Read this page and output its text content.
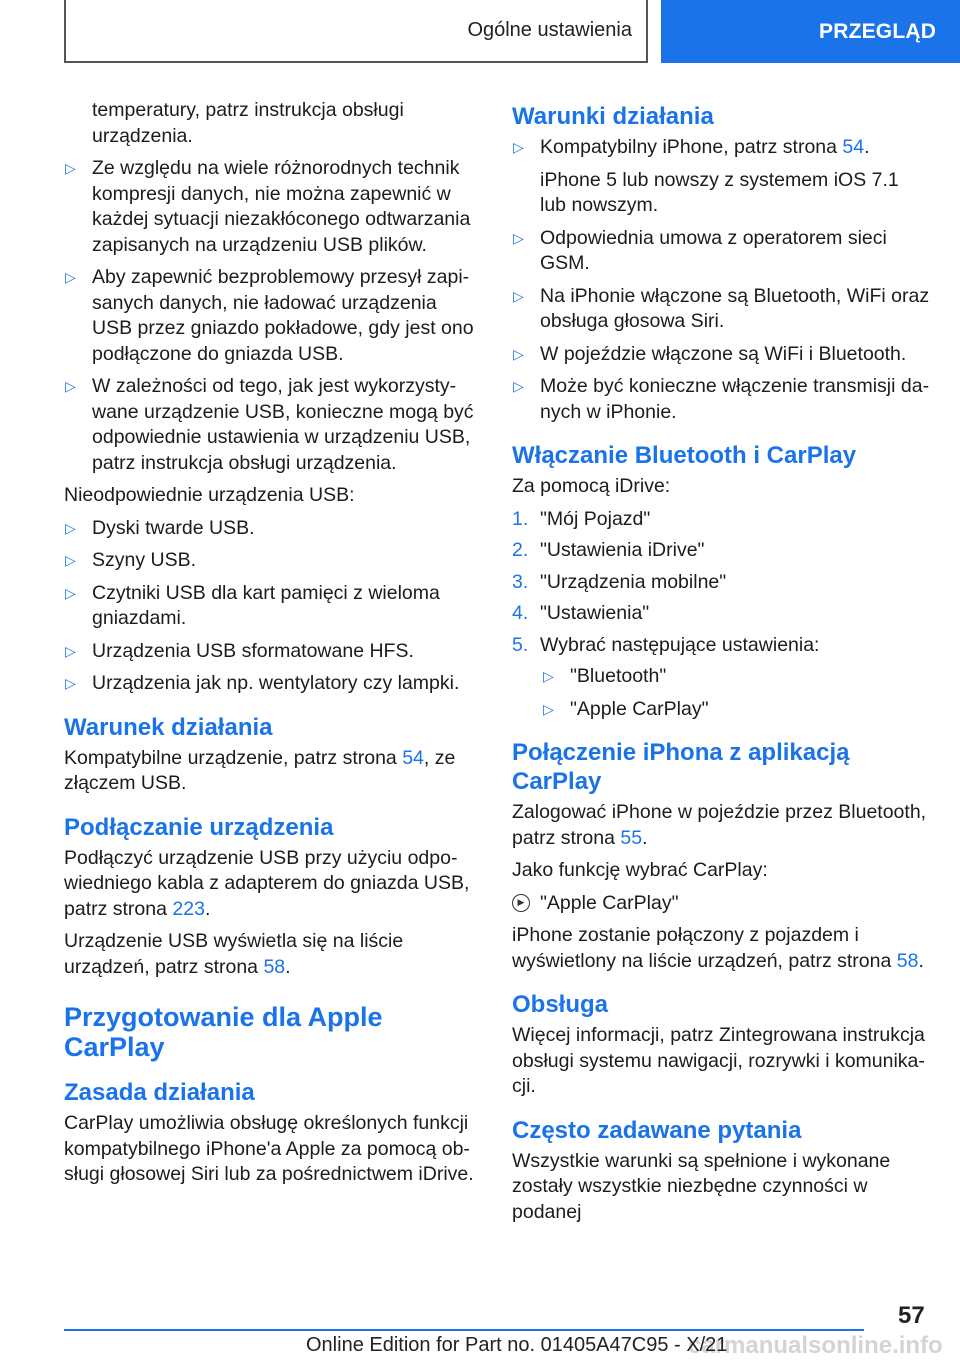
Ogólne ustawienia	PRZEGLĄD

temperatury, patrz instrukcja obsługi urządzenia.

▷ Ze względu na wiele różnorodnych technik kompresji danych, nie można zapewnić w każdej sytuacji niezakłóconego odtwarzania zapisanych na urządzeniu USB plików.
▷ Aby zapewnić bezproblemowy przesył zapisanych danych, nie ładować urządzenia USB przez gniazdo pokładowe, gdy jest ono podłączone do gniazda USB.
▷ W zależności od tego, jak jest wykorzystywane urządzenie USB, konieczne mogą być odpowiednie ustawienia w urządzeniu USB, patrz instrukcja obsługi urządzenia.

Nieodpowiednie urządzenia USB:

▷ Dyski twarde USB.
▷ Szyny USB.
▷ Czytniki USB dla kart pamięci z wieloma gniazdami.
▷ Urządzenia USB sformatowane HFS.
▷ Urządzenia jak np. wentylatory czy lampki.
Warunek działania

Kompatybilne urządzenie, patrz strona 54, ze złączem USB.

Podłączanie urządzenia

Podłączyć urządzenie USB przy użyciu odpowiedniego kabla z adapterem do gniazda USB, patrz strona 223.

Urządzenie USB wyświetla się na liście urządzeń, patrz strona 58.

Przygotowanie dla Apple CarPlay
Zasada działania

CarPlay umożliwia obsługę określonych funkcji kompatybilnego iPhone'a Apple za pomocą obsługi głosowej Siri lub za pośrednictwem iDrive.

Warunki działania
▷ Kompatybilny iPhone, patrz strona 54.

iPhone 5 lub nowszy z systemem iOS 7.1 lub nowszym.

▷ Odpowiednia umowa z operatorem sieci GSM.
▷ Na iPhonie włączone są Bluetooth, WiFi oraz obsługa głosowa Siri.
▷ W pojeździe włączone są WiFi i Bluetooth.
▷ Może być konieczne włączenie transmisji danych w iPhonie.
Włączanie Bluetooth i CarPlay

Za pomocą iDrive:

1. "Mój Pojazd"
2. "Ustawienia iDrive"
3. "Urządzenia mobilne"
4. "Ustawienia"
5. Wybrać następujące ustawienia:
▷ "Bluetooth"
▷ "Apple CarPlay"
Połączenie iPhona z aplikacją CarPlay

Zalogować iPhone w pojeździe przez Bluetooth, patrz strona 55.

Jako funkcję wybrać CarPlay:

▶ "Apple CarPlay"

iPhone zostanie połączony z pojazdem i wyświetlony na liście urządzeń, patrz strona 58.

Obsługa

Więcej informacji, patrz Zintegrowana instrukcja obsługi systemu nawigacji, rozrywki i komunikacji.

Często zadawane pytania

Wszystkie warunki są spełnione i wykonane zostały wszystkie niezbędne czynności w podanej

57
carmanualsonline.info
Online Edition for Part no. 01405A47C95 - X/21
